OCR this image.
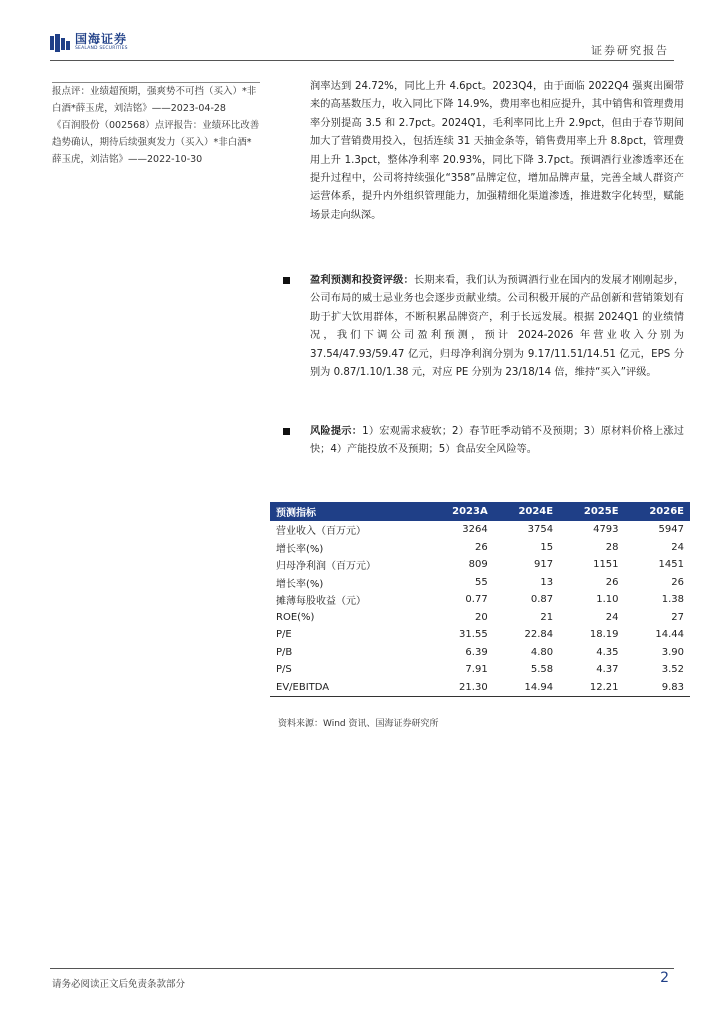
国海证券
SEALAND SECURITIES	证券研究报告

报点评：业绩超预期，强爽势不可挡（买入）*非白酒*薛玉虎，刘洁铭》——2023-04-28

《百润股份（002568）点评报告：业绩环比改善趋势确认，期待后续强爽发力（买入）*非白酒*薛玉虎，刘洁铭》——2022-10-30

润率达到 24.72%，同比上升 4.6pct。2023Q4，由于面临 2022Q4 强爽出圈带来的高基数压力，收入同比下降 14.9%，费用率也相应提升，其中销售和管理费用率分别提高 3.5 和 2.7pct。2024Q1，毛利率同比上升 2.9pct，但由于春节期间加大了营销费用投入，包括连续 31 天抽金条等，销售费用率上升 8.8pct，管理费用上升 1.3pct，整体净利率 20.93%，同比下降 3.7pct。预调酒行业渗透率还在提升过程中，公司将持续强化“358”品牌定位，增加品牌声量，完善全域人群资产运营体系，提升内外组织管理能力，加强精细化渠道渗透，推进数字化转型，赋能场景走向纵深。

盈利预测和投资评级：长期来看，我们认为预调酒行业在国内的发展才刚刚起步，公司布局的威士忌业务也会逐步贡献业绩。公司积极开展的产品创新和营销策划有助于扩大饮用群体，不断积累品牌资产，利于长远发展。根据 2024Q1 的业绩情况，我们下调公司盈利预测，预计 2024-2026 年营业收入分别为 37.54/47.93/59.47 亿元，归母净利润分别为 9.17/11.51/14.51 亿元，EPS 分别为 0.87/1.10/1.38 元，对应 PE 分别为 23/18/14 倍，维持“买入”评级。
风险提示：1）宏观需求疲软；2）春节旺季动销不及预期；3）原材料价格上涨过快；4）产能投放不及预期；5）食品安全风险等。
预测指标	2023A	2024E	2025E	2026E
营业收入（百万元）	3264	3754	4793	5947
增长率(%)	26	15	28	24
归母净利润（百万元）	809	917	1151	1451
增长率(%)	55	13	26	26
摊薄每股收益（元）	0.77	0.87	1.10	1.38
ROE(%)	20	21	24	27
P/E	31.55	22.84	18.19	14.44
P/B	6.39	4.80	4.35	3.90
P/S	7.91	5.58	4.37	3.52
EV/EBITDA	21.30	14.94	12.21	9.83
资料来源：Wind 资讯、国海证券研究所
请务必阅读正文后免责条款部分	2
